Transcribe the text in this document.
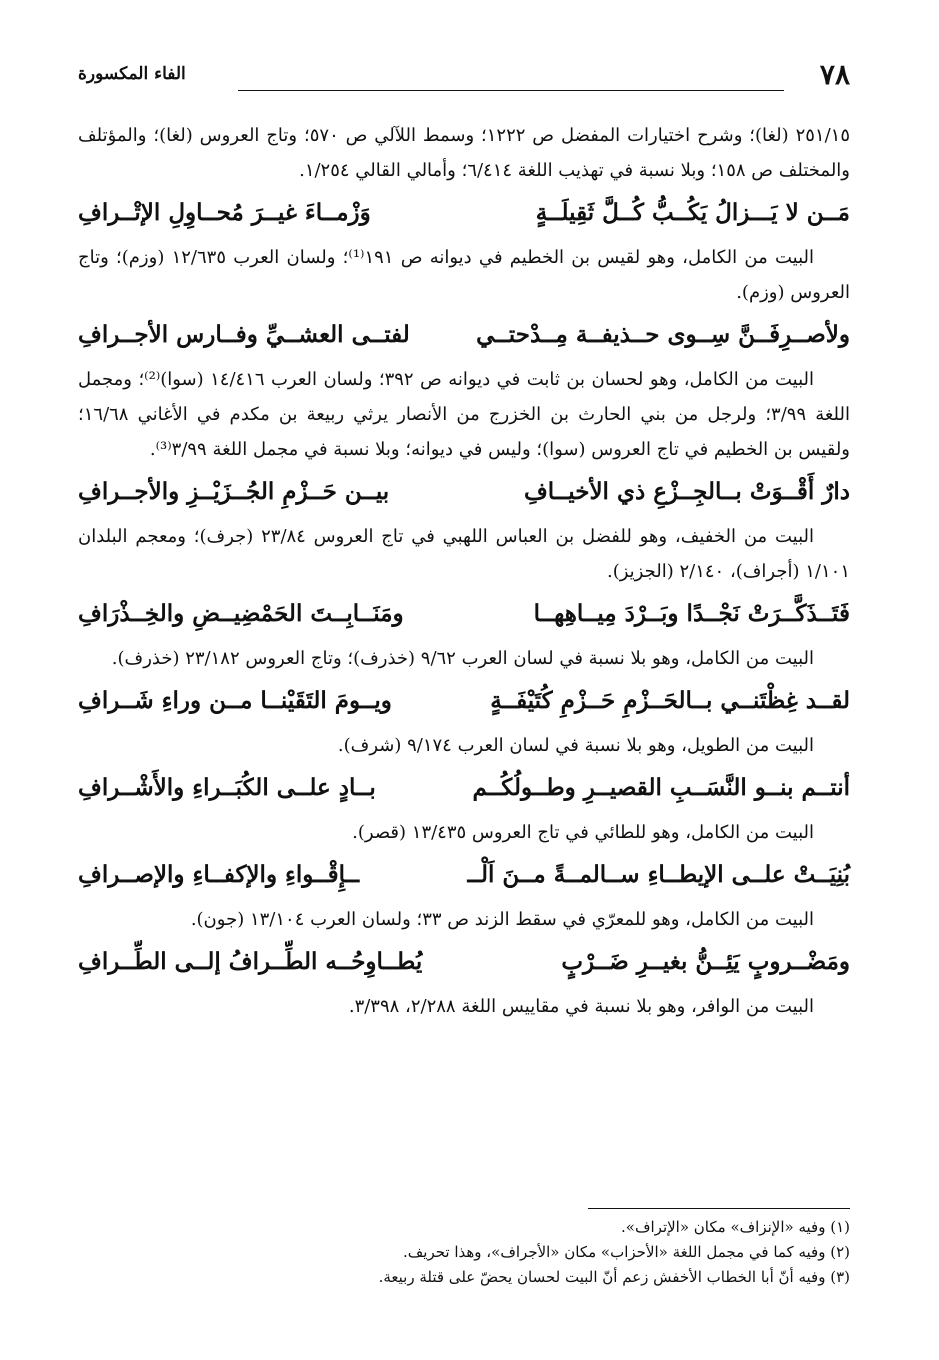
٧٨
الفاء المكسورة

٢٥١/١٥ (لغا)؛ وشرح اختيارات المفضل ص ١٢٢٢؛ وسمط اللآلي ص ٥٧٠؛ وتاج العروس (لغا)؛ والمؤتلف والمختلف ص ١٥٨؛ وبلا نسبة في تهذيب اللغة ٦/٤١٤؛ وأمالي القالي ١/٢٥٤.

مَــن لا يَـــزالُ يَكُــبُّ كُــلَّ ثَقِيلَــةٍ
وَزْمــاءَ غيــرَ مُحــاوِلِ الإتْــرافِ

البيت من الكامل، وهو لقيس بن الخطيم في ديوانه ص ١٩١⁽¹⁾؛ ولسان العرب ١٢/٦٣٥ (وزم)؛ وتاج العروس (وزم).

ولأصــرِفَــنَّ سِــوى حــذيفــة مِــدْحتــي
لفتــى العشــيِّ وفــارس الأجــرافِ

البيت من الكامل، وهو لحسان بن ثابت في ديوانه ص ٣٩٢؛ ولسان العرب ١٤/٤١٦ (سوا)⁽²⁾؛ ومجمل اللغة ٣/٩٩؛ ولرجل من بني الحارث بن الخزرج من الأنصار يرثي ربيعة بن مكدم في الأغاني ١٦/٦٨؛ ولقيس بن الخطيم في تاج العروس (سوا)؛ وليس في ديوانه؛ وبلا نسبة في مجمل اللغة ٣/٩٩⁽³⁾.

دارٌ أَقْــوَتْ بــالجِــزْعِ ذي الأخيــافِ
بيــن حَــزْمِ الجُــزَيْــزِ والأجــرافِ

البيت من الخفيف، وهو للفضل بن العباس اللهبي في تاج العروس ٢٣/٨٤ (جرف)؛ ومعجم البلدان ١/١٠١ (أجراف)، ٢/١٤٠ (الجزيز).

فَتَــذَكَّــرَتْ نَجْــدًا وبَــرْدَ مِيــاهِهــا
ومَنَــابِــتَ الحَمْضِيــضِ والخِــذْرَافِ

البيت من الكامل، وهو بلا نسبة في لسان العرب ٩/٦٢ (خذرف)؛ وتاج العروس ٢٣/١٨٢ (خذرف).

لقــد غِظْتَنــي بــالحَــزْمِ حَــزْمِ كُتَيْفَــةٍ
ويــومَ التَقَيْنــا مــن وراءِ شَــرافِ

البيت من الطويل، وهو بلا نسبة في لسان العرب ٩/١٧٤ (شرف).

أنتــم بنــو النَّسَــبِ القصيــرِ وطــولُكُــم
بــادٍ علــى الكُبَــراءِ والأَشْــرافِ

البيت من الكامل، وهو للطائي في تاج العروس ١٣/٤٣٥ (قصر).

بُنِيَــتْ علــى الإيطــاءِ ســالمــةً مــنَ اَلْــ
ــإِقْــواءِ والإكفــاءِ والإصــرافِ

البيت من الكامل، وهو للمعرّي في سقط الزند ص ٣٣؛ ولسان العرب ١٣/١٠٤ (جون).

ومَضْــروبٍ يَئِــنُّ بغيــرِ ضَــرْبٍ
يُطــاوِحُــه الطِّــرافُ إلــى الطِّــرافِ

البيت من الوافر، وهو بلا نسبة في مقاييس اللغة ٢/٢٨٨، ٣/٣٩٨.

(١) وفيه «الإنزاف» مكان «الإتراف».

(٢) وفيه كما في مجمل اللغة «الأحزاب» مكان «الأجراف»، وهذا تحريف.

(٣) وفيه أنّ أبا الخطاب الأخفش زعم أنّ البيت لحسان يحضّ على قتلة ربيعة.
